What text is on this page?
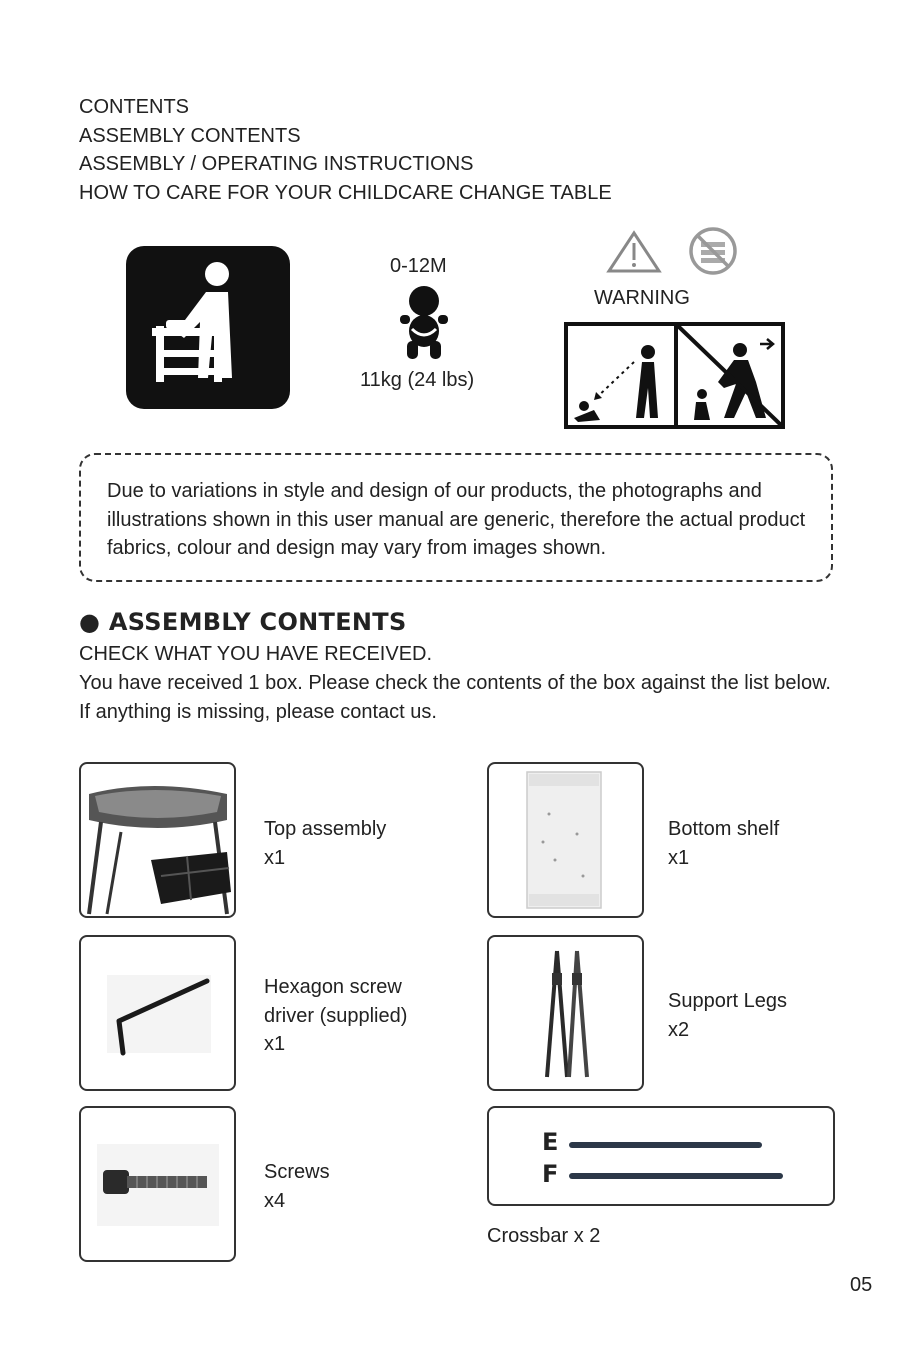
CONTENTS
ASSEMBLY CONTENTS
ASSEMBLY / OPERATING INSTRUCTIONS
HOW TO CARE FOR YOUR CHILDCARE CHANGE TABLE
0-12M
11kg (24 lbs)
WARNING
Due to variations in style and design of our products, the photographs and illustrations shown in this user manual are generic, therefore the actual product fabrics, colour and design may vary from images shown.
● ASSEMBLY CONTENTS
CHECK WHAT YOU HAVE RECEIVED.
You have received 1 box. Please check the contents of the box against the list below. If anything is missing, please contact us.
Top assembly
x1
Bottom shelf
x1
Hexagon screw
driver (supplied)
x1
Support Legs
x2
Screws
x4
E
F
Crossbar x 2
05
